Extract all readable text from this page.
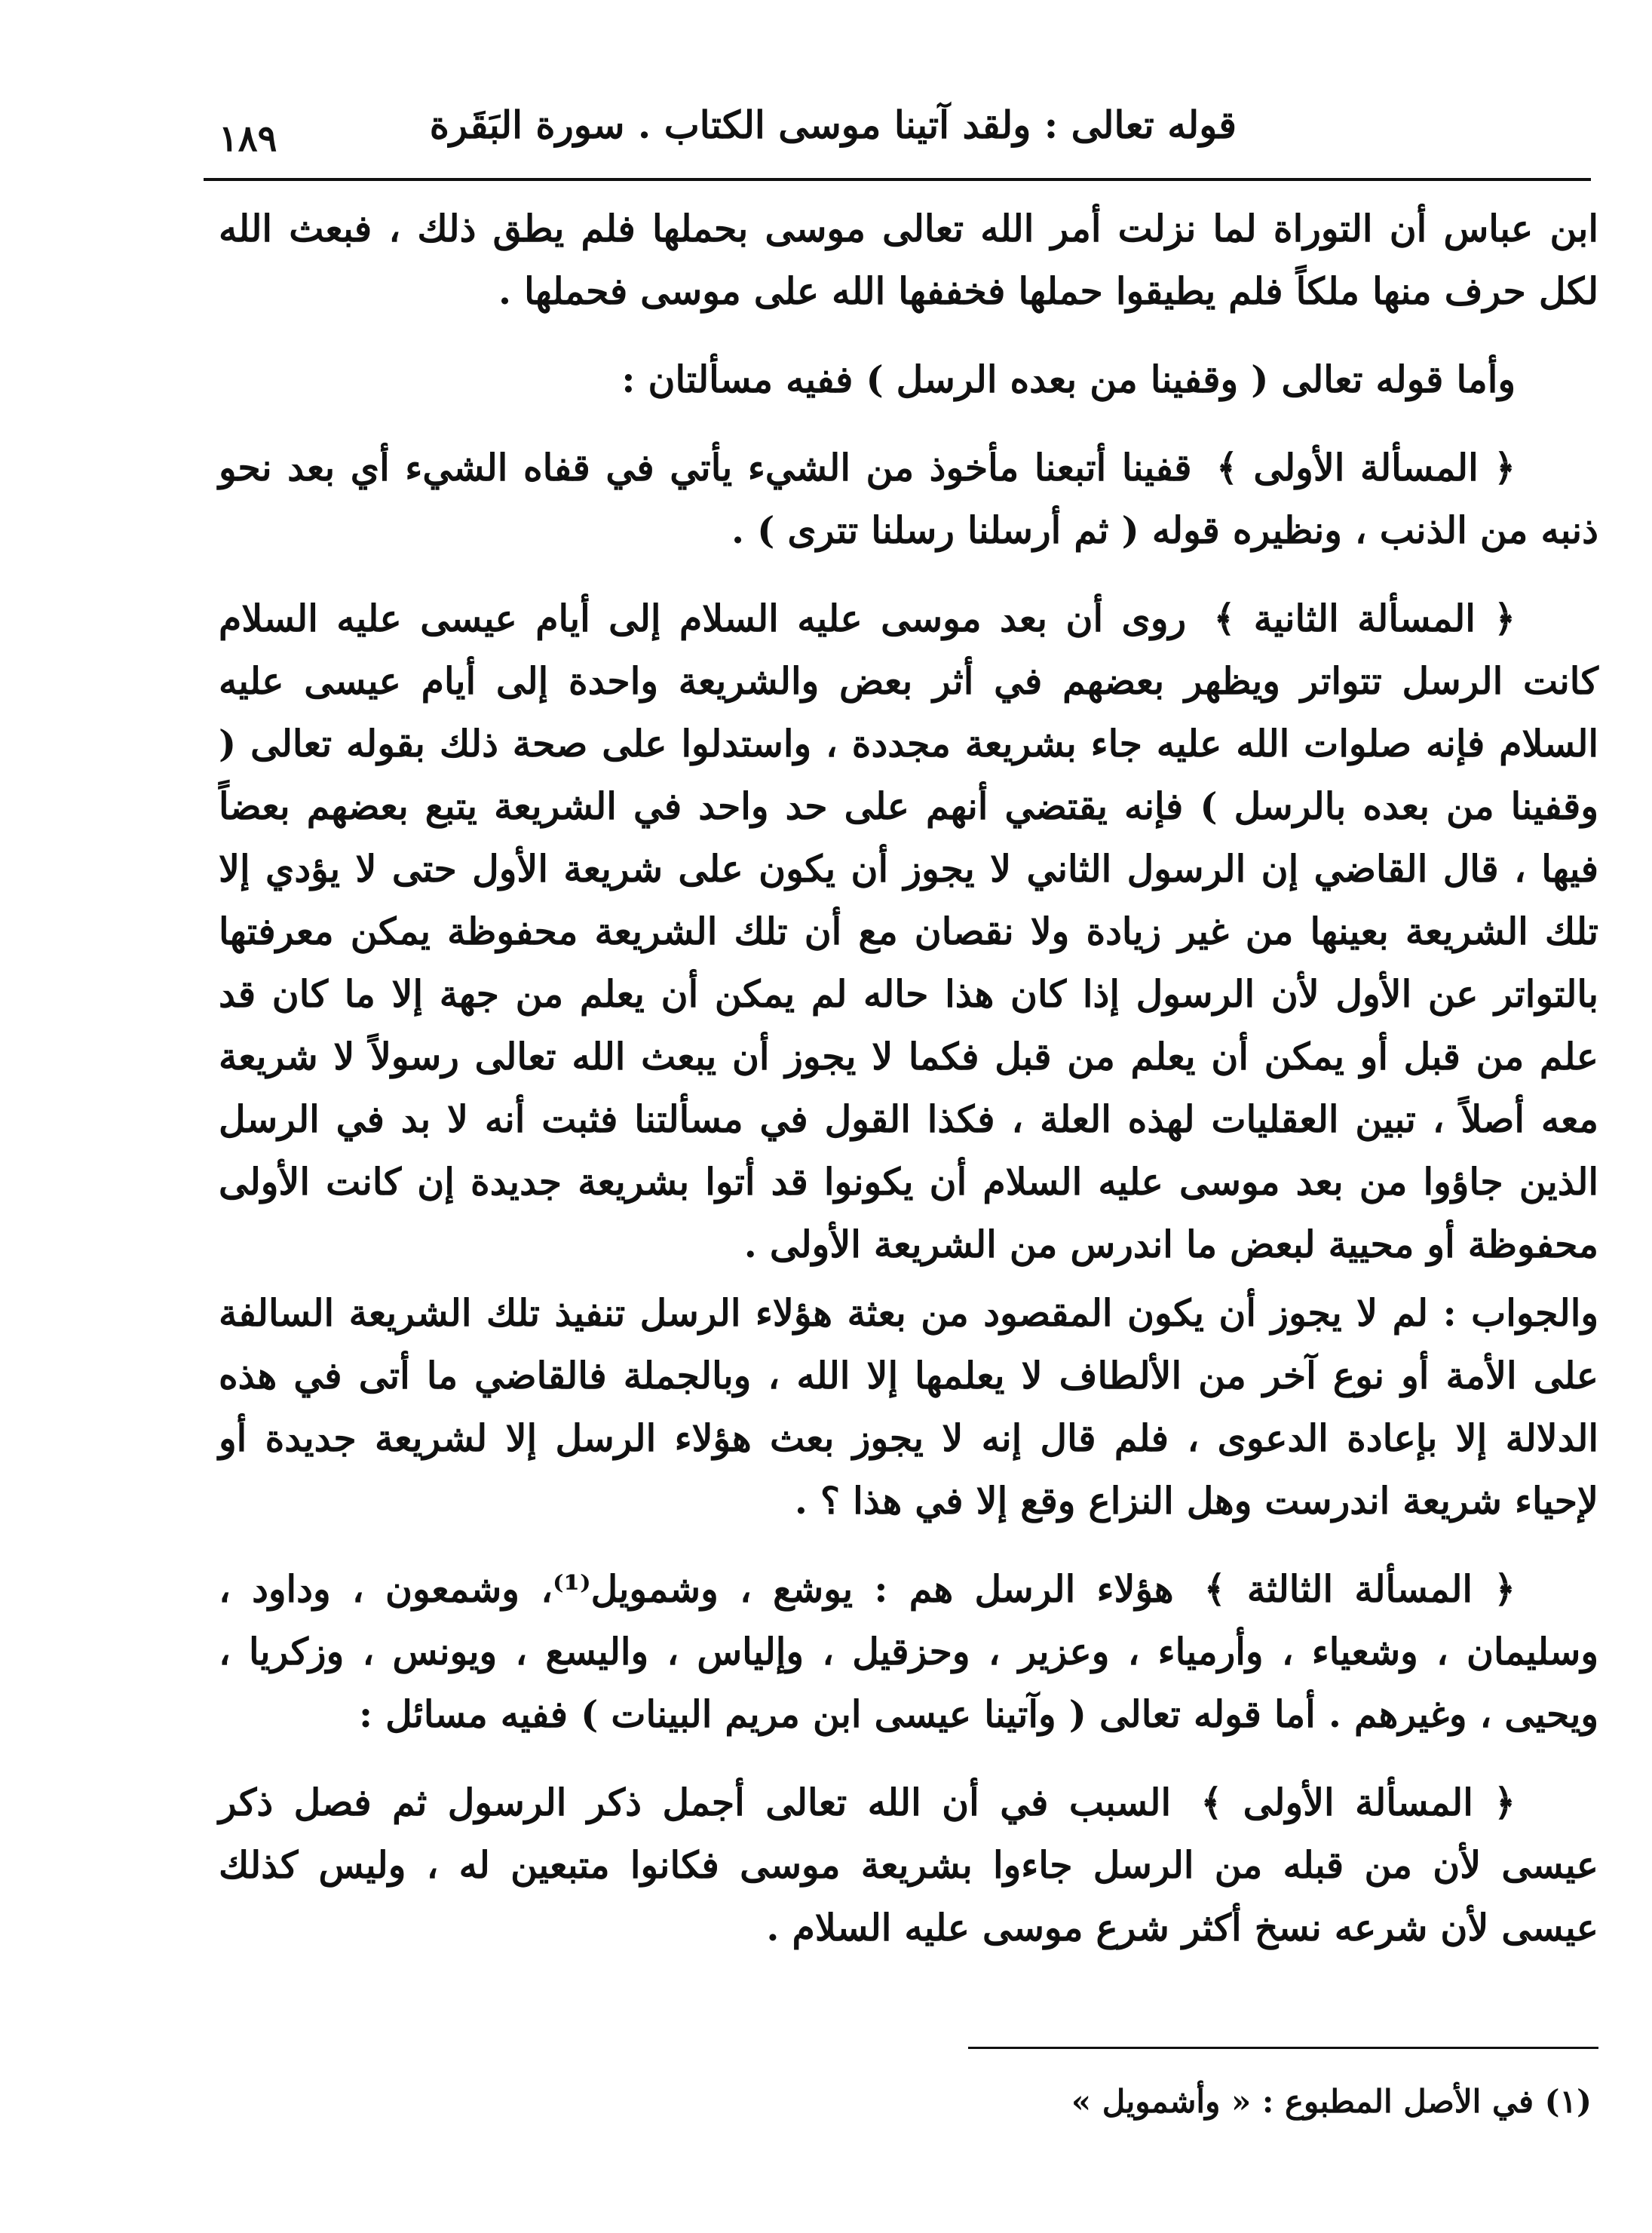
قوله تعالى : ولقد آتينا موسى الكتاب . سورة البَقَرة
١٨٩

ابن عباس أن التوراة لما نزلت أمر الله تعالى موسى بحملها فلم يطق ذلك ، فبعث الله لكل حرف منها ملكاً فلم يطيقوا حملها فخففها الله على موسى فحملها .

وأما قوله تعالى ( وقفينا من بعده الرسل ) ففيه مسألتان :

﴿ المسألة الأولى ﴾ قفينا أتبعنا مأخوذ من الشيء يأتي في قفاه الشيء أي بعد نحو ذنبه من الذنب ، ونظيره قوله ( ثم أرسلنا رسلنا تترى ) .

﴿ المسألة الثانية ﴾ روى أن بعد موسى عليه السلام إلى أيام عيسى عليه السلام كانت الرسل تتواتر ويظهر بعضهم في أثر بعض والشريعة واحدة إلى أيام عيسى عليه السلام فإنه صلوات الله عليه جاء بشريعة مجددة ، واستدلوا على صحة ذلك بقوله تعالى ( وقفينا من بعده بالرسل ) فإنه يقتضي أنهم على حد واحد في الشريعة يتبع بعضهم بعضاً فيها ، قال القاضي إن الرسول الثاني لا يجوز أن يكون على شريعة الأول حتى لا يؤدي إلا تلك الشريعة بعينها من غير زيادة ولا نقصان مع أن تلك الشريعة محفوظة يمكن معرفتها بالتواتر عن الأول لأن الرسول إذا كان هذا حاله لم يمكن أن يعلم من جهة إلا ما كان قد علم من قبل أو يمكن أن يعلم من قبل فكما لا يجوز أن يبعث الله تعالى رسولاً لا شريعة معه أصلاً ، تبين العقليات لهذه العلة ، فكذا القول في مسألتنا فثبت أنه لا بد في الرسل الذين جاؤوا من بعد موسى عليه السلام أن يكونوا قد أتوا بشريعة جديدة إن كانت الأولى محفوظة أو محيية لبعض ما اندرس من الشريعة الأولى .

والجواب : لم لا يجوز أن يكون المقصود من بعثة هؤلاء الرسل تنفيذ تلك الشريعة السالفة على الأمة أو نوع آخر من الألطاف لا يعلمها إلا الله ، وبالجملة فالقاضي ما أتى في هذه الدلالة إلا بإعادة الدعوى ، فلم قال إنه لا يجوز بعث هؤلاء الرسل إلا لشريعة جديدة أو لإحياء شريعة اندرست وهل النزاع وقع إلا في هذا ؟ .

﴿ المسألة الثالثة ﴾ هؤلاء الرسل هم : يوشع ، وشمويل⁽¹⁾، وشمعون ، وداود ، وسليمان ، وشعياء ، وأرمياء ، وعزير ، وحزقيل ، وإلياس ، واليسع ، ويونس ، وزكريا ، ويحيى ، وغيرهم . أما قوله تعالى ( وآتينا عيسى ابن مريم البينات ) ففيه مسائل :

﴿ المسألة الأولى ﴾ السبب في أن الله تعالى أجمل ذكر الرسول ثم فصل ذكر عيسى لأن من قبله من الرسل جاءوا بشريعة موسى فكانوا متبعين له ، وليس كذلك عيسى لأن شرعه نسخ أكثر شرع موسى عليه السلام .

(١) في الأصل المطبوع : « وأشمويل »
